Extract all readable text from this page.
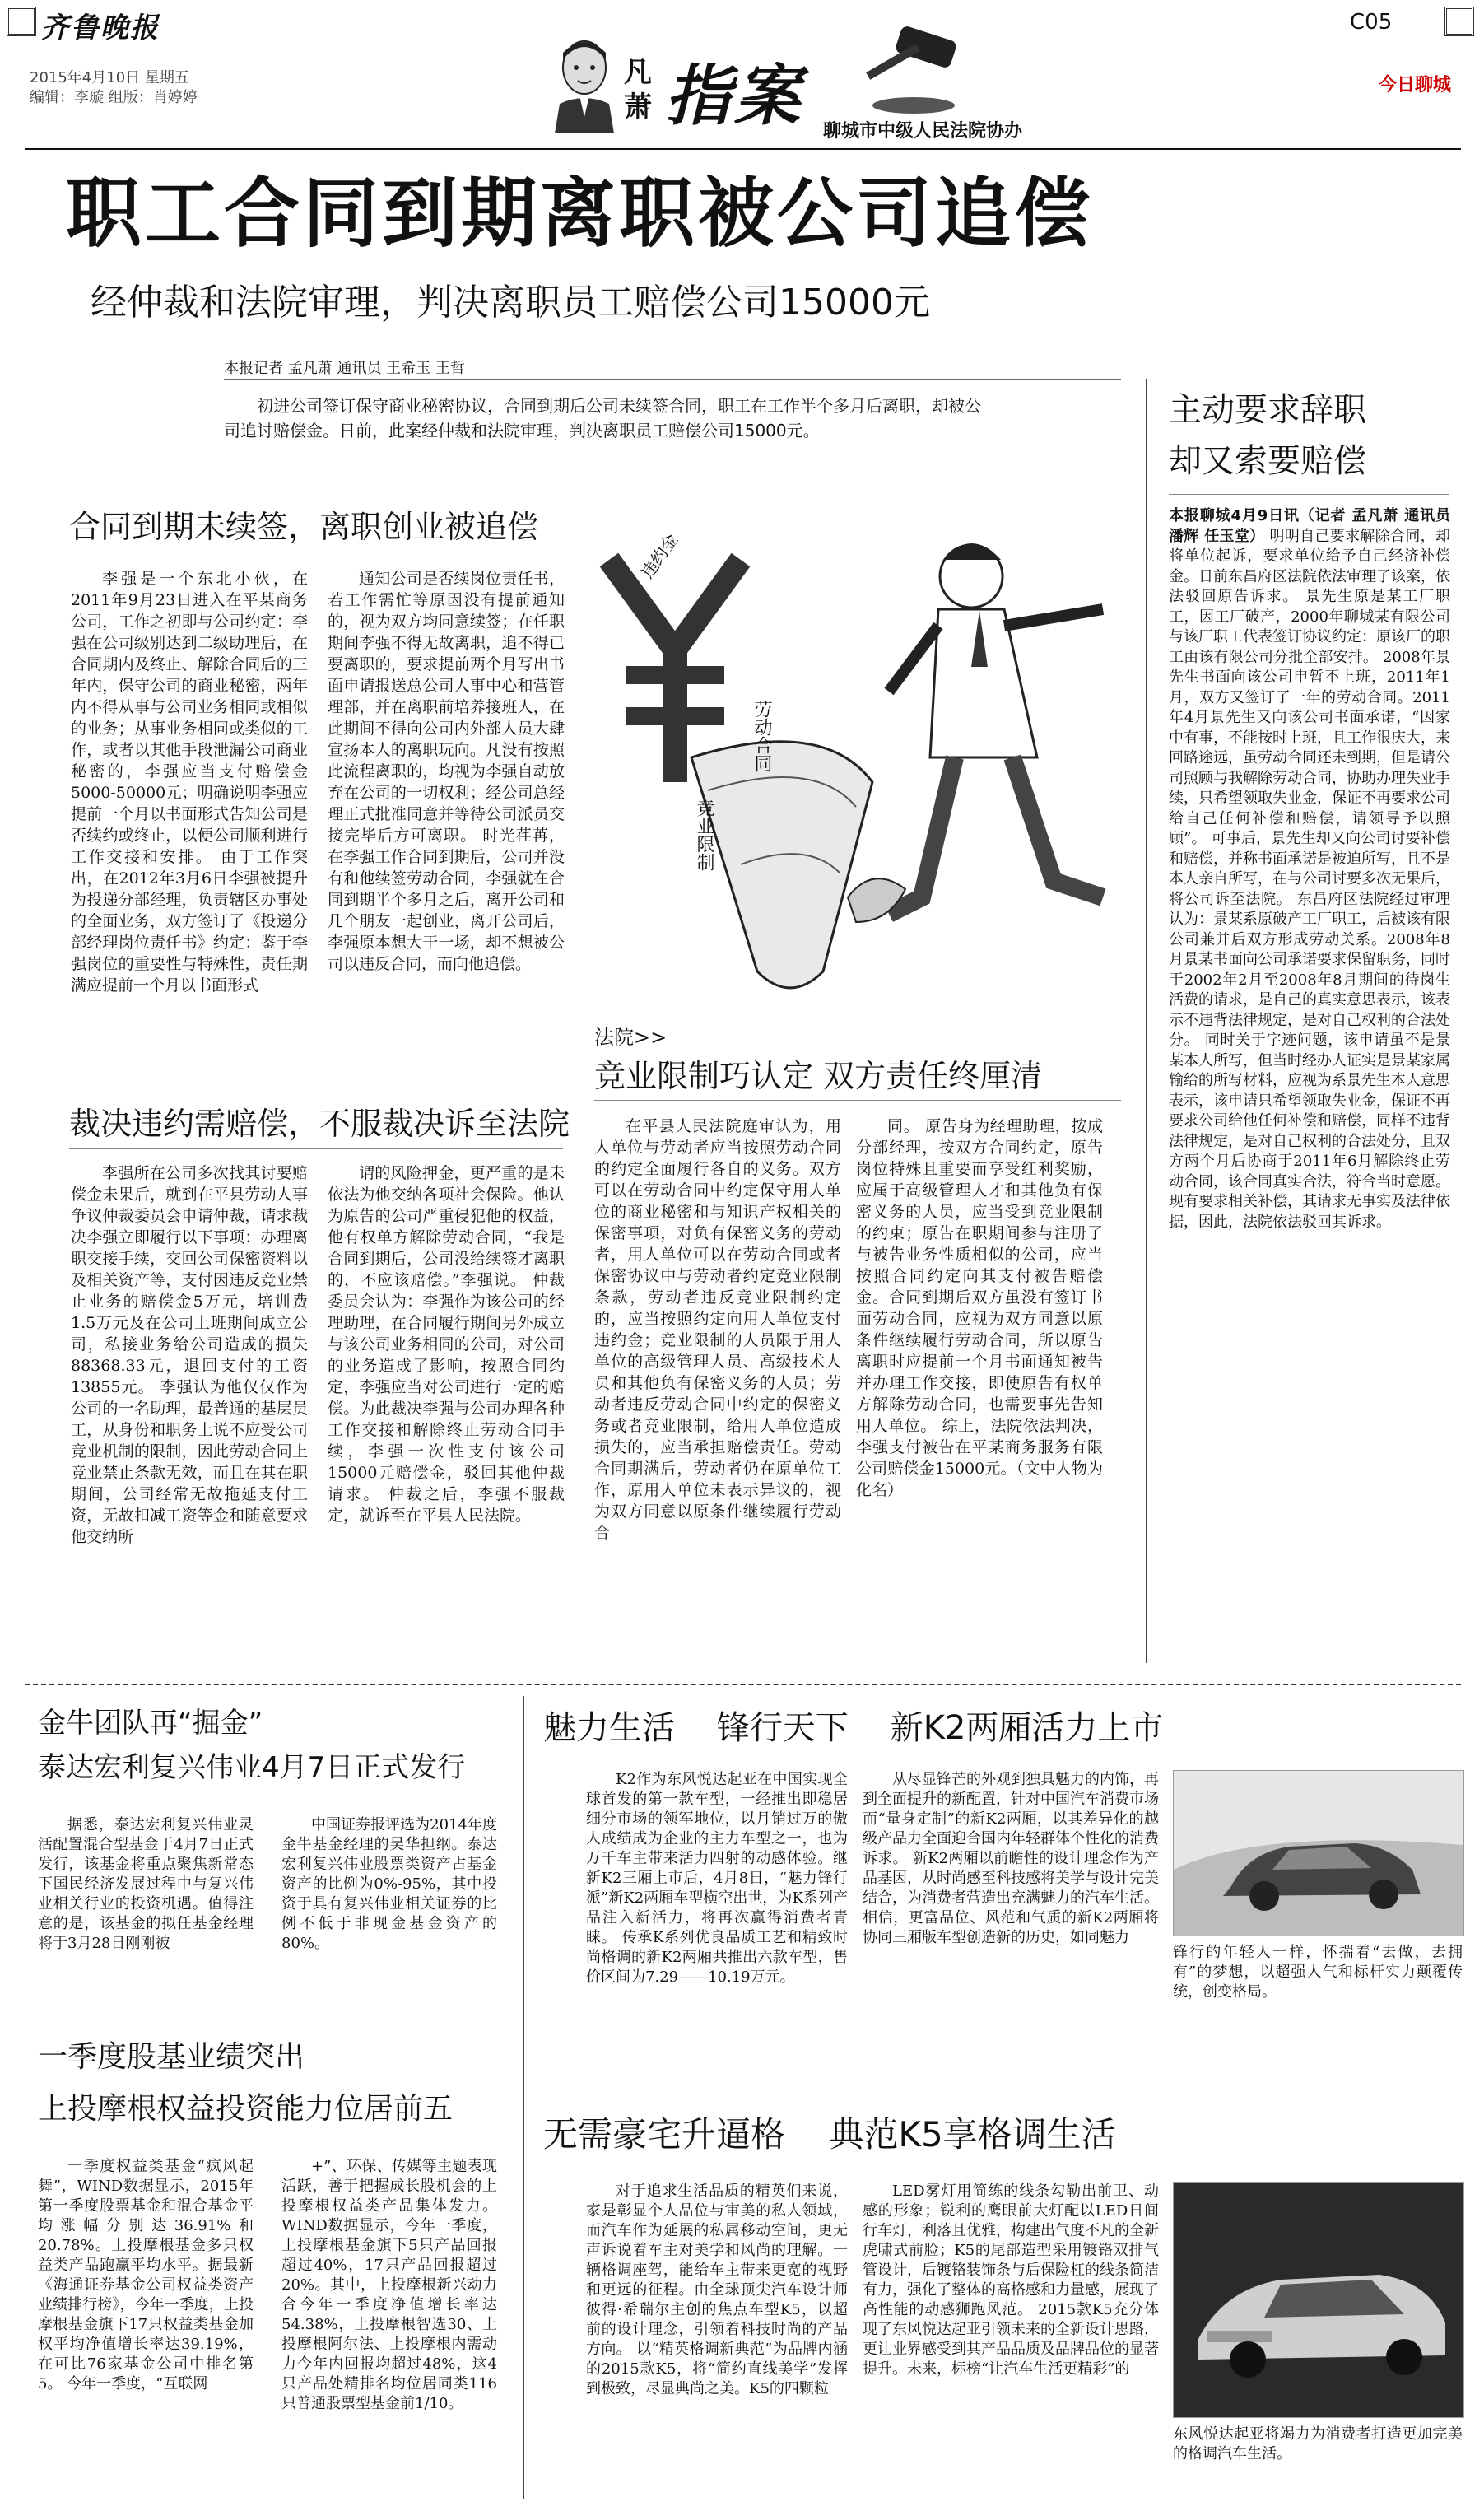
齐鲁晚报
2015年4月10日 星期五
编辑：李璇 组版：肖婷婷
凡
萧 指案 聊城市中级人民法院协办
C05
今日聊城
职工合同到期离职被公司追偿
经仲裁和法院审理，判决离职员工赔偿公司15000元
本报记者 孟凡萧 通讯员 王希玉 王哲
初进公司签订保守商业秘密协议，合同到期后公司未续签合同，职工在工作半个多月后离职，却被公司追讨赔偿金。日前，此案经仲裁和法院审理，判决离职员工赔偿公司15000元。
合同到期未续签，离职创业被追偿
李强是一个东北小伙，在2011年9月23日进入在平某商务公司，工作之初即与公司约定：李强在公司级别达到二级助理后，在合同期内及终止、解除合同后的三年内，保守公司的商业秘密，两年内不得从事与公司业务相同或相似的业务；从事业务相同或类似的工作，或者以其他手段泄漏公司商业秘密的，李强应当支付赔偿金5000-50000元；明确说明李强应提前一个月以书面形式告知公司是否续约或终止，以便公司顺利进行工作交接和安排。 由于工作突出，在2012年3月6日李强被提升为投递分部经理，负责辖区办事处的全面业务，双方签订了《投递分部经理岗位责任书》约定：鉴于李强岗位的重要性与特殊性，责任期满应提前一个月以书面形式
通知公司是否续岗位责任书，若工作需忙等原因没有提前通知的，视为双方均同意续签；在任职期间李强不得无故离职，追不得已要离职的，要求提前两个月写出书面申请报送总公司人事中心和营管理部，并在离职前培养接班人，在此期间不得向公司内外部人员大肆宣扬本人的离职玩向。凡没有按照此流程离职的，均视为李强自动放弃在公司的一切权利；经公司总经理正式批准同意并等待公司派员交接完毕后方可离职。 时光荏苒，在李强工作合同到期后，公司并没有和他续签劳动合同，李强就在合同到期半个多月之后，离开公司和几个朋友一起创业，离开公司后，李强原本想大干一场，却不想被公司以违反合同，而向他追偿。
裁决违约需赔偿，不服裁决诉至法院
李强所在公司多次找其讨要赔偿金未果后，就到在平县劳动人事争议仲裁委员会申请仲裁，请求裁决李强立即履行以下事项：办理离职交接手续，交回公司保密资料以及相关资产等，支付因违反竞业禁止业务的赔偿金5万元，培训费1.5万元及在公司上班期间成立公司，私接业务给公司造成的损失88368.33元，退回支付的工资13855元。 李强认为他仅仅作为公司的一名助理，最普通的基层员工，从身份和职务上说不应受公司竞业机制的限制，因此劳动合同上竞业禁止条款无效，而且在其在职期间，公司经常无故拖延支付工资，无故扣减工资等金和随意要求他交纳所
谓的风险押金，更严重的是未依法为他交纳各项社会保险。他认为原告的公司严重侵犯他的权益，他有权单方解除劳动合同，“我是合同到期后，公司没给续签才离职的，不应该赔偿。”李强说。 仲裁委员会认为：李强作为该公司的经理助理，在合同履行期间另外成立与该公司业务相同的公司，对公司的业务造成了影响，按照合同约定，李强应当对公司进行一定的赔偿。为此裁决李强与公司办理各种工作交接和解除终止劳动合同手续，李强一次性支付该公司15000元赔偿金，驳回其他仲裁请求。 仲裁之后，李强不服裁定，就诉至在平县人民法院。
违约金
劳动合同
竞业限制
法院>>
竞业限制巧认定 双方责任终厘清
在平县人民法院庭审认为，用人单位与劳动者应当按照劳动合同的约定全面履行各自的义务。双方可以在劳动合同中约定保守用人单位的商业秘密和与知识产权相关的保密事项，对负有保密义务的劳动者，用人单位可以在劳动合同或者保密协议中与劳动者约定竞业限制条款，劳动者违反竞业限制约定的，应当按照约定向用人单位支付违约金；竞业限制的人员限于用人单位的高级管理人员、高级技术人员和其他负有保密义务的人员；劳动者违反劳动合同中约定的保密义务或者竞业限制，给用人单位造成损失的，应当承担赔偿责任。劳动合同期满后，劳动者仍在原单位工作，原用人单位未表示异议的，视为双方同意以原条件继续履行劳动合
同。 原告身为经理助理，按成分部经理，按双方合同约定，原告岗位特殊且重要而享受红利奖励，应属于高级管理人才和其他负有保密义务的人员，应当受到竞业限制的约束；原告在职期间参与注册了与被告业务性质相似的公司，应当按照合同约定向其支付被告赔偿金。合同到期后双方虽没有签订书面劳动合同，应视为双方同意以原条件继续履行劳动合同，所以原告离职时应提前一个月书面通知被告并办理工作交接，即使原告有权单方解除劳动合同，也需要事先告知用人单位。 综上，法院依法判决，李强支付被告在平某商务服务有限公司赔偿金15000元。（文中人物为化名）
主动要求辞职
却又索要赔偿
本报聊城4月9日讯（记者 孟凡萧 通讯员 潘辉 任玉堂） 明明自己要求解除合同，却将单位起诉，要求单位给予自己经济补偿金。日前东昌府区法院依法审理了该案，依法驳回原告诉求。 景先生原是某工厂职工，因工厂破产，2000年聊城某有限公司与该厂职工代表签订协议约定：原该厂的职工由该有限公司分批全部安排。 2008年景先生书面向该公司申暂不上班，2011年1月，双方又签订了一年的劳动合同。2011年4月景先生又向该公司书面承诺，“因家中有事，不能按时上班，且工作很庆大，来回路途远，虽劳动合同还未到期，但是请公司照顾与我解除劳动合同，协助办理失业手续，只希望领取失业金，保证不再要求公司给自己任何补偿和赔偿，请领导予以照顾”。 可事后，景先生却又向公司讨要补偿和赔偿，并称书面承诺是被迫所写，且不是本人亲自所写，在与公司讨要多次无果后，将公司诉至法院。 东昌府区法院经过审理认为：景某系原破产工厂职工，后被该有限公司兼并后双方形成劳动关系。2008年8月景某书面向公司承诺要求保留职务，同时于2002年2月至2008年8月期间的待岗生活费的请求，是自己的真实意思表示，该表示不违背法律规定，是对自己权利的合法处分。 同时关于字迹问题，该申请虽不是景某本人所写，但当时经办人证实是景某家属输给的所写材料，应视为系景先生本人意思表示，该申请只希望领取失业金，保证不再要求公司给他任何补偿和赔偿，同样不违背法律规定，是对自己权利的合法处分，且双方两个月后协商于2011年6月解除终止劳动合同，该合同真实合法，符合当时意愿。现有要求相关补偿，其请求无事实及法律依据，因此，法院依法驳回其诉求。
金牛团队再“掘金”
泰达宏利复兴伟业4月7日正式发行
据悉，泰达宏利复兴伟业灵活配置混合型基金于4月7日正式发行，该基金将重点聚焦新常态下国民经济发展过程中与复兴伟业相关行业的投资机遇。值得注意的是，该基金的拟任基金经理将于3月28日刚刚被
中国证券报评选为2014年度金牛基金经理的吴华担纲。泰达宏利复兴伟业股票类资产占基金资产的比例为0%-95%，其中投资于具有复兴伟业相关证券的比例不低于非现金基金资产的80%。
一季度股基业绩突出
上投摩根权益投资能力位居前五
一季度权益类基金“疯风起舞”，WIND数据显示，2015年第一季度股票基金和混合基金平均涨幅分别达36.91%和20.78%。上投摩根基金多只权益类产品跑赢平均水平。据最新《海通证券基金公司权益类资产业绩排行榜》，今年一季度，上投摩根基金旗下17只权益类基金加权平均净值增长率达39.19%，在可比76家基金公司中排名第5。 今年一季度，“互联网
+”、环保、传媒等主题表现活跃，善于把握成长股机会的上投摩根权益类产品集体发力。WIND数据显示，今年一季度，上投摩根基金旗下5只产品回报超过40%，17只产品回报超过20%。其中，上投摩根新兴动力合今年一季度净值增长率达54.38%，上投摩根智选30、上投摩根阿尔法、上投摩根内需动力今年内回报均超过48%，这4只产品处精排名均位居同类116只普通股票型基金前1/10。
魅力生活    锋行天下    新K2两厢活力上市
K2作为东风悦达起亚在中国实现全球首发的第一款车型，一经推出即稳居细分市场的领军地位，以月销过万的傲人成绩成为企业的主力车型之一，也为万千车主带来活力四射的动感体验。继新K2三厢上市后，4月8日，“魅力锋行派”新K2两厢车型横空出世，为K系列产品注入新活力，将再次赢得消费者青睐。 传承K系列优良品质工艺和精致时尚格调的新K2两厢共推出六款车型，售价区间为7.29——10.19万元。
从尽显锋芒的外观到独具魅力的内饰，再到全面提升的新配置，针对中国汽车消费市场而“量身定制”的新K2两厢，以其差异化的越级产品力全面迎合国内年轻群体个性化的消费诉求。 新K2两厢以前瞻性的设计理念作为产品基因，从时尚感至科技感将美学与设计完美结合，为消费者营造出充满魅力的汽车生活。相信，更富品位、风范和气质的新K2两厢将协同三厢版车型创造新的历史，如同魅力
锋行的年轻人一样，怀揣着“去做，去拥有”的梦想，以超强人气和标杆实力颠覆传统，创变格局。
无需豪宅升逼格    典范K5享格调生活
对于追求生活品质的精英们来说，家是彰显个人品位与审美的私人领域，而汽车作为延展的私属移动空间，更无声诉说着车主对美学和风尚的理解。一辆格调座驾，能给车主带来更宽的视野和更远的征程。由全球顶尖汽车设计师彼得·希瑞尔主创的焦点车型K5，以超前的设计理念，引领着科技时尚的产品方向。 以“精英格调新典范”为品牌内涵的2015款K5，将“简约直线美学”发挥到极致，尽显典尚之美。K5的四颗粒
LED雾灯用简练的线条勾勒出前卫、动感的形象；锐利的鹰眼前大灯配以LED日间行车灯，利落且优雅，构建出气度不凡的全新虎啸式前脸；K5的尾部造型采用镀铬双排气管设计，后镀铬装饰条与后保险杠的线条简洁有力，强化了整体的高格感和力量感，展现了高性能的动感狮跑风范。 2015款K5充分体现了东风悦达起亚引领未来的全新设计思路，更让业界感受到其产品品质及品牌品位的显著提升。未来，标榜“让汽车生活更精彩”的
东风悦达起亚将竭力为消费者打造更加完美的格调汽车生活。
